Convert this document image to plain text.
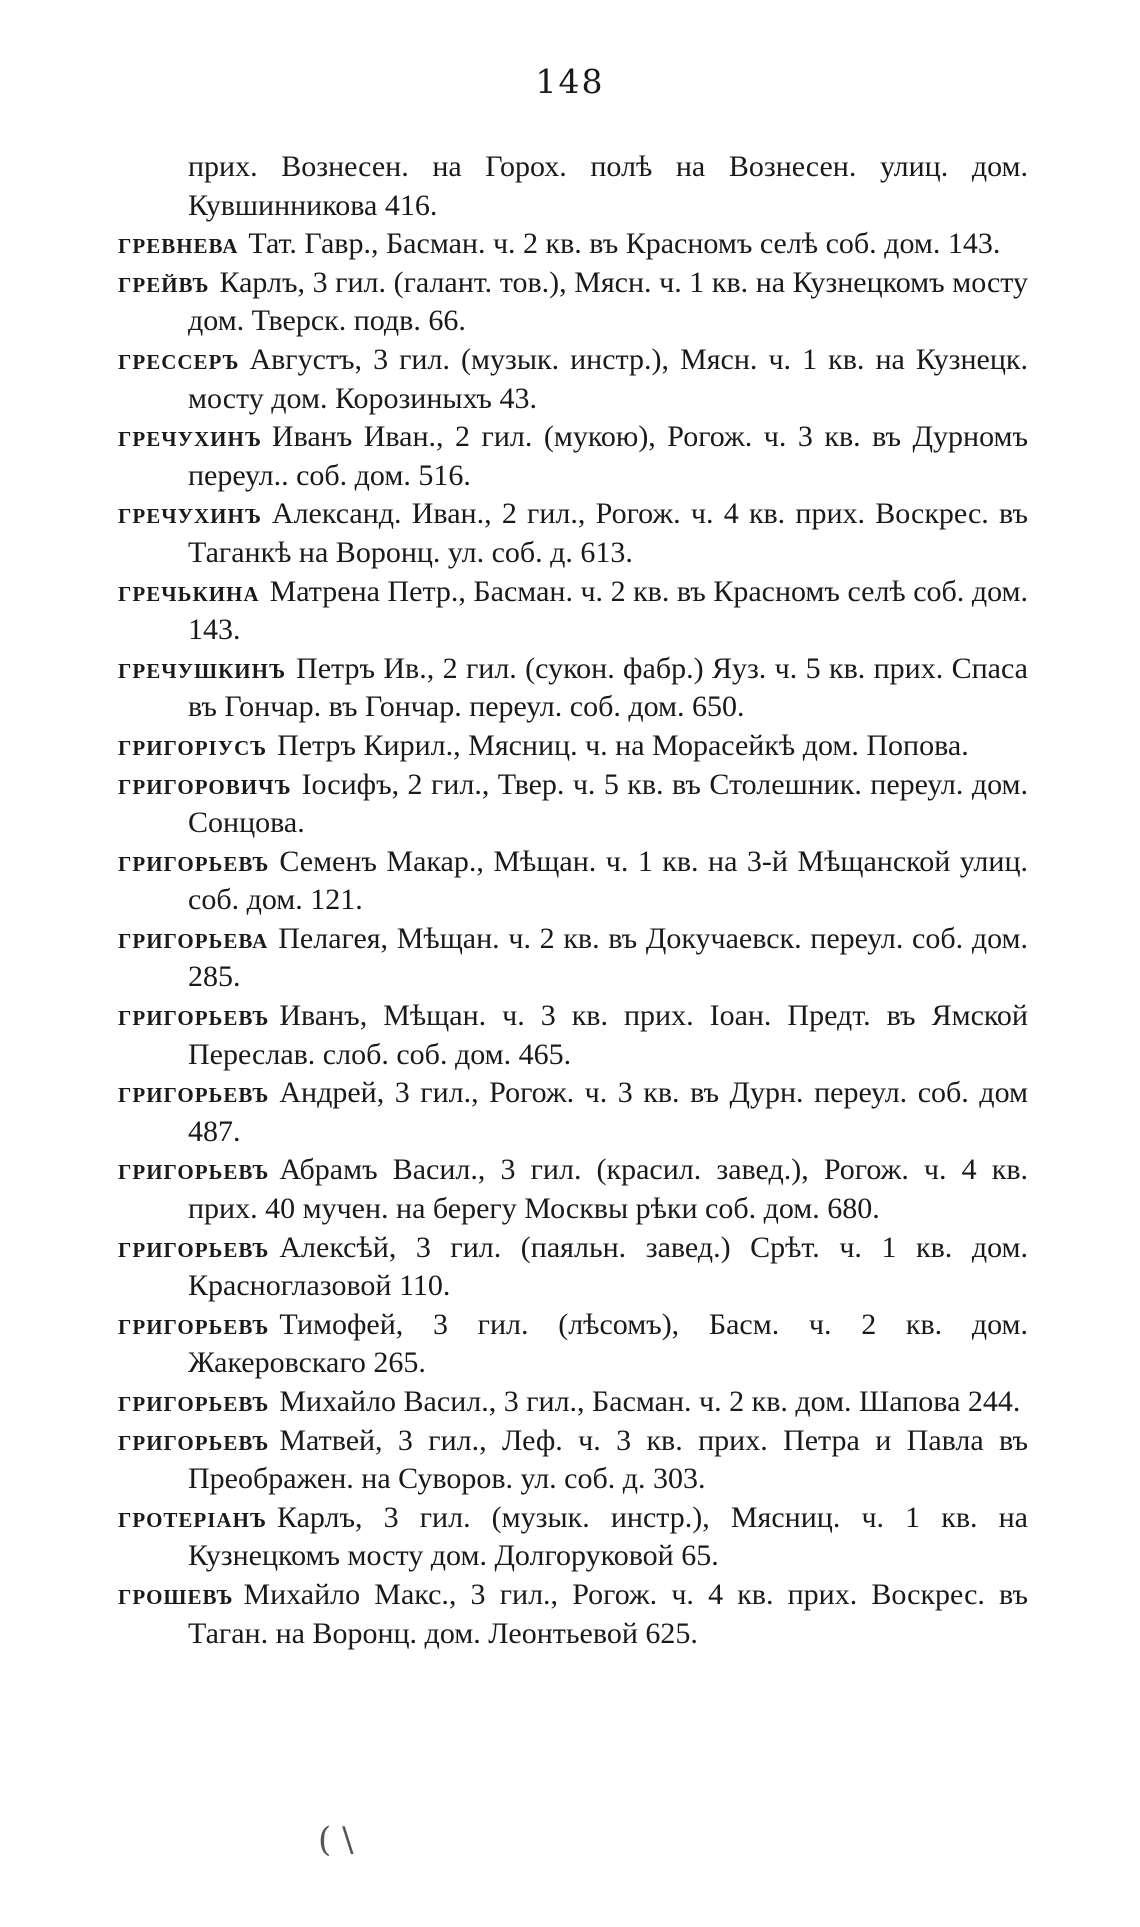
148

прих. Вознесен. на Горох. полѣ на Вознесен. улиц. дом. Кувшинникова 416.

гревнева Тат. Гавр., Басман. ч. 2 кв. въ Красномъ селѣ соб. дом. 143.

грейвъ Карлъ, 3 гил. (галант. тов.), Мясн. ч. 1 кв. на Кузнецкомъ мосту дом. Тверск. подв. 66.

грессеръ Августъ, 3 гил. (музык. инстр.), Мясн. ч. 1 кв. на Кузнецк. мосту дом. Корозиныхъ 43.

гречухинъ Иванъ Иван., 2 гил. (мукою), Рогож. ч. 3 кв. въ Дурномъ переул.. соб. дом. 516.

гречухинъ Александ. Иван., 2 гил., Рогож. ч. 4 кв. прих. Воскрес. въ Таганкѣ на Воронц. ул. соб. д. 613.

гречькина Матрена Петр., Басман. ч. 2 кв. въ Красномъ селѣ соб. дом. 143.

гречушкинъ Петръ Ив., 2 гил. (сукон. фабр.) Яуз. ч. 5 кв. прих. Спаса въ Гончар. въ Гончар. переул. соб. дом. 650.

григоріусъ Петръ Кирил., Мясниц. ч. на Морасейкѣ дом. Попова.

григоровичъ Іосифъ, 2 гил., Твер. ч. 5 кв. въ Столешник. переул. дом. Сонцова.

григорьевъ Семенъ Макар., Мѣщан. ч. 1 кв. на 3-й Мѣщанской улиц. соб. дом. 121.

григорьева Пелагея, Мѣщан. ч. 2 кв. въ Докучаевск. переул. соб. дом. 285.

григорьевъ Иванъ, Мѣщан. ч. 3 кв. прих. Іоан. Предт. въ Ямской Переслав. слоб. соб. дом. 465.

григорьевъ Андрей, 3 гил., Рогож. ч. 3 кв. въ Дурн. переул. соб. дом 487.

григорьевъ Абрамъ Васил., 3 гил. (красил. завед.), Рогож. ч. 4 кв. прих. 40 мучен. на берегу Москвы рѣки соб. дом. 680.

григорьевъ Алексѣй, 3 гил. (паяльн. завед.) Срѣт. ч. 1 кв. дом. Красноглазовой 110.

григорьевъ Тимофей, 3 гил. (лѣсомъ), Басм. ч. 2 кв. дом. Жакеровскаго 265.

григорьевъ Михайло Васил., 3 гил., Басман. ч. 2 кв. дом. Шапова 244.

григорьевъ Матвей, 3 гил., Леф. ч. 3 кв. прих. Петра и Павла въ Преображен. на Суворов. ул. соб. д. 303.

гротеріанъ Карлъ, 3 гил. (музык. инстр.), Мясниц. ч. 1 кв. на Кузнецкомъ мосту дом. Долгоруковой 65.

грошевъ Михайло Макс., 3 гил., Рогож. ч. 4 кв. прих. Воскрес. въ Таган. на Воронц. дом. Леонтьевой 625.

( \
